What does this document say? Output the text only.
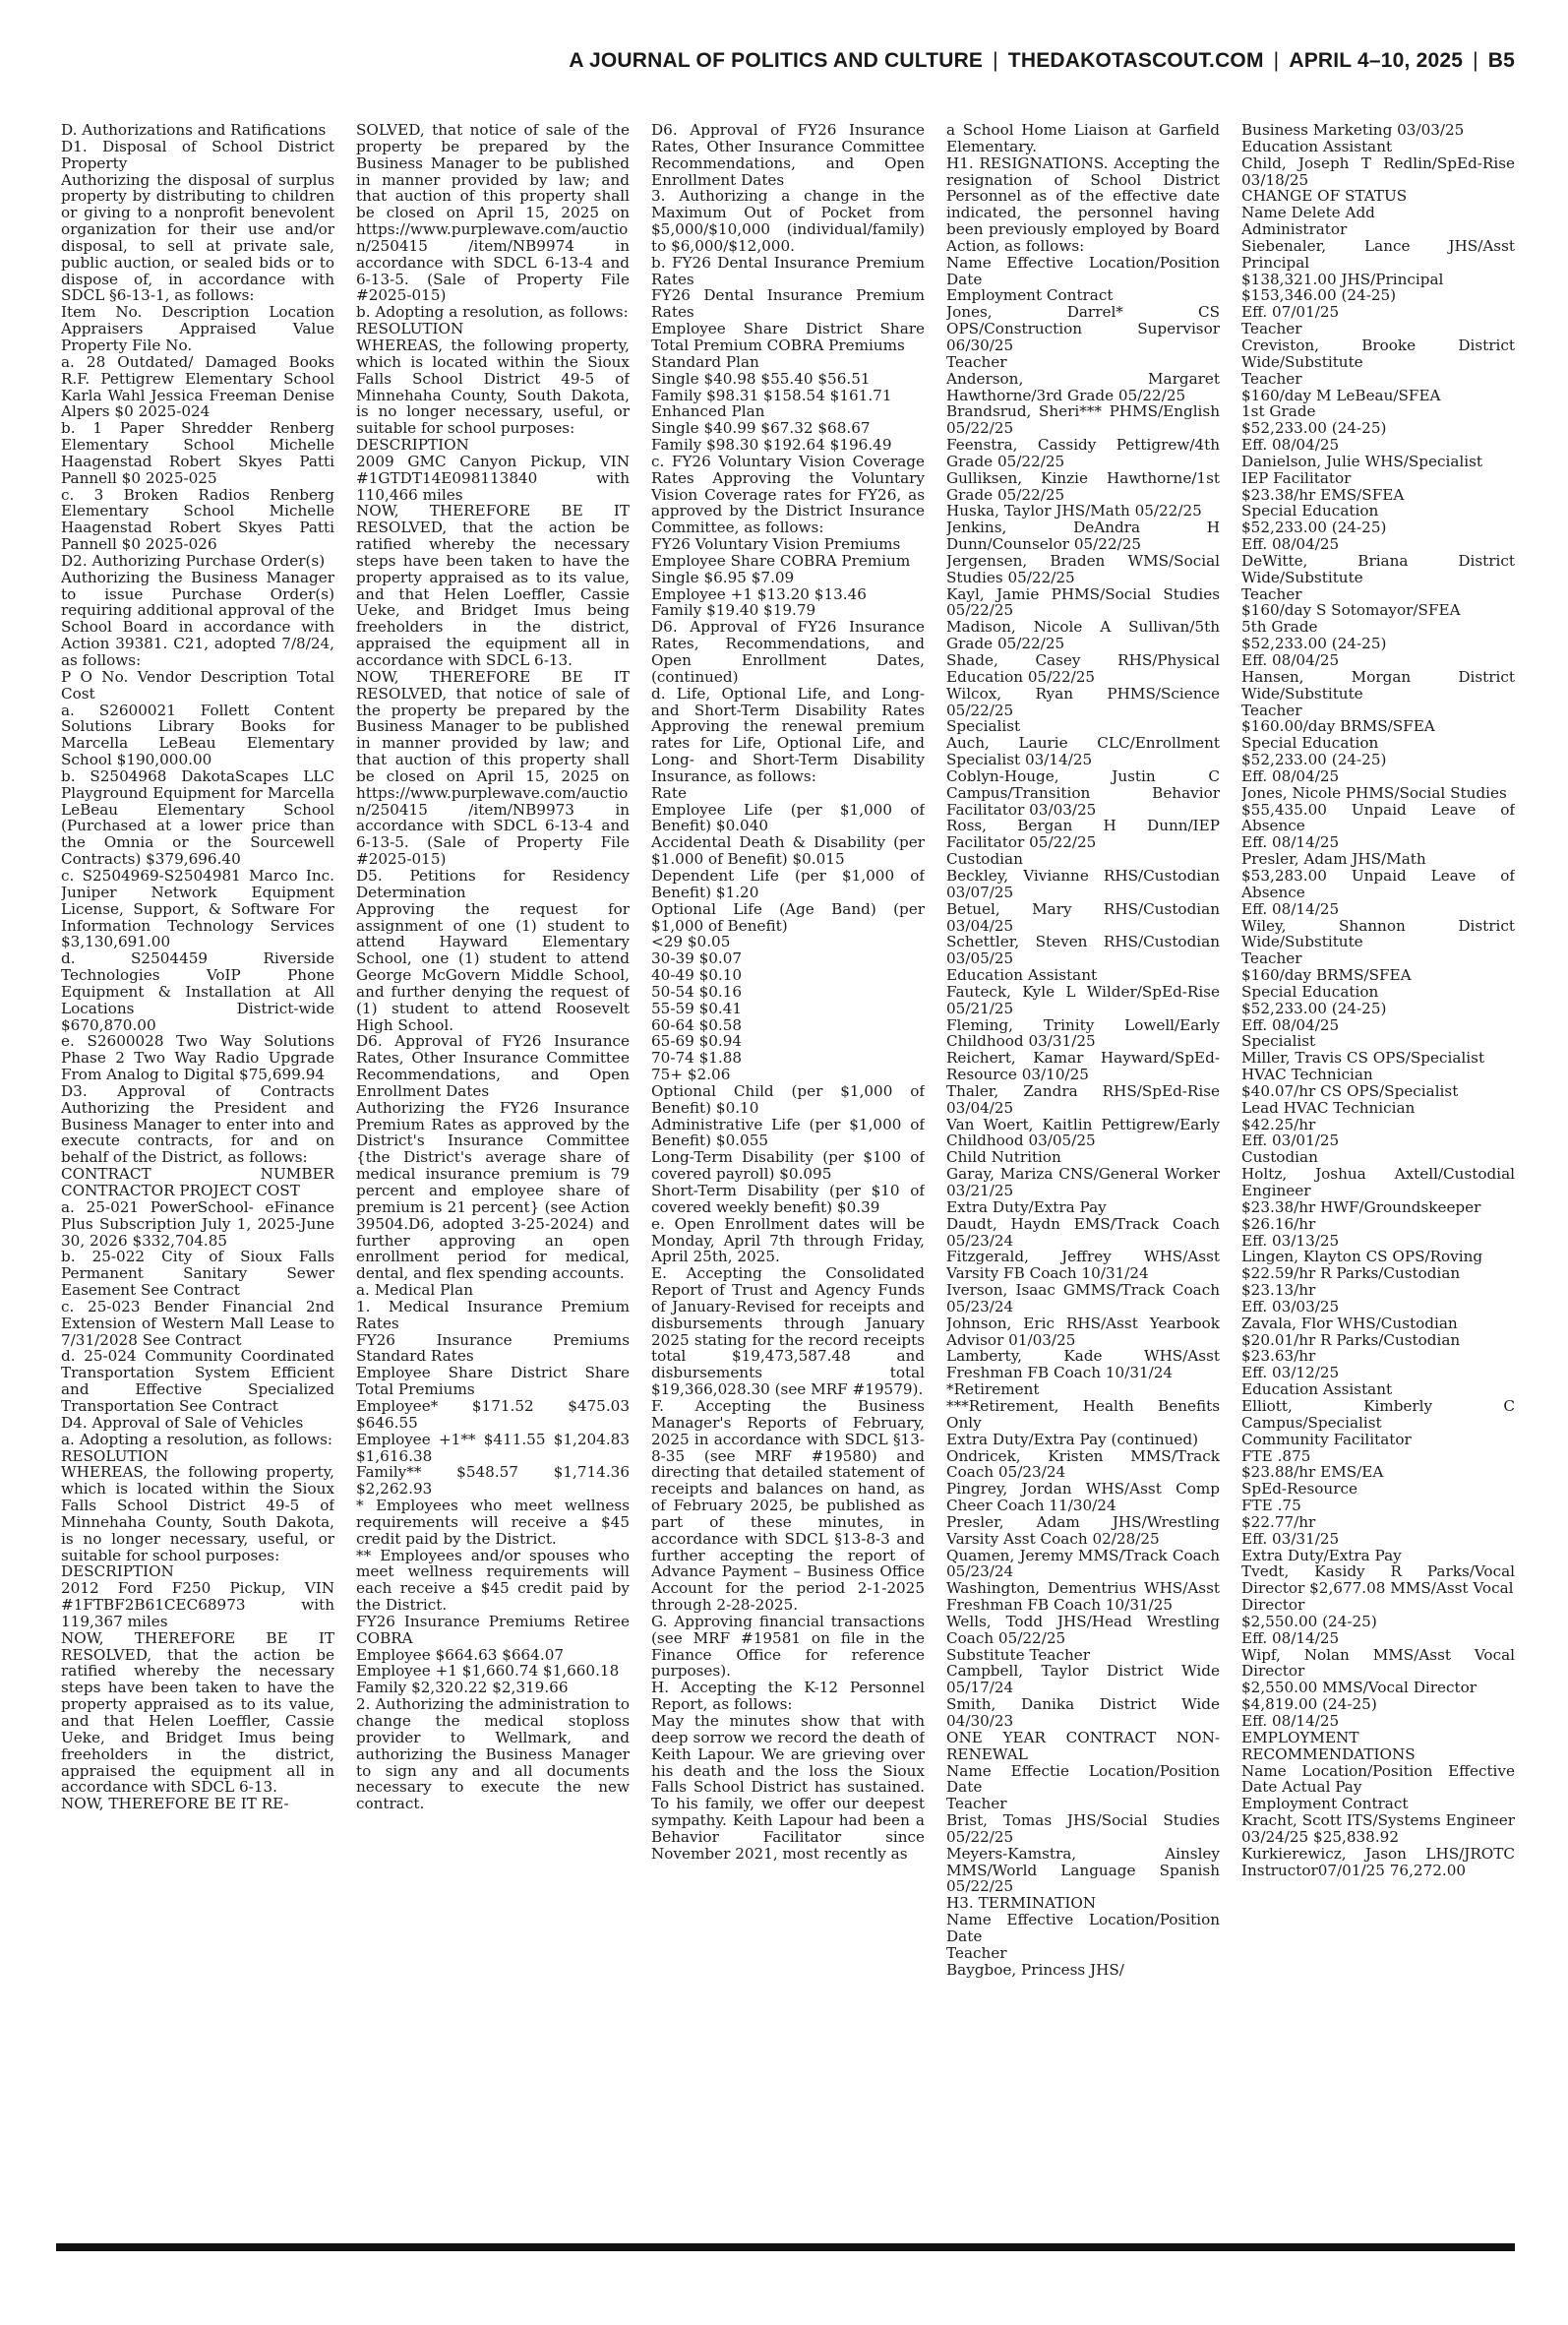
A JOURNAL OF POLITICS AND CULTURE | THEDAKOTASCOUT.COM | APRIL 4–10, 2025 | B5
D. Authorizations and Ratifications
D1. Disposal of School District Property
Authorizing the disposal of surplus property by distributing to children or giving to a nonprofit benevolent organization for their use and/or disposal, to sell at private sale, public auction, or sealed bids or to dispose of, in accordance with SDCL §6-13-1, as follows:
Item No. Description Location Appraisers Appraised Value Property File No.
a. 28 Outdated/ Damaged Books R.F. Pettigrew Elementary School Karla Wahl Jessica Freeman Denise Alpers $0 2025-024
b. 1 Paper Shredder Renberg Elementary School Michelle Haagenstad Robert Skyes Patti Pannell $0 2025-025
c. 3 Broken Radios Renberg Elementary School Michelle Haagenstad Robert Skyes Patti Pannell $0 2025-026
D2. Authorizing Purchase Order(s)
Authorizing the Business Manager to issue Purchase Order(s) requiring additional approval of the School Board in accordance with Action 39381. C21, adopted 7/8/24, as follows:
P O No. Vendor Description Total Cost
a. S2600021 Follett Content Solutions Library Books for Marcella LeBeau Elementary School $190,000.00
b. S2504968 DakotaScapes LLC Playground Equipment for Marcella LeBeau Elementary School (Purchased at a lower price than the Omnia or the Sourcewell Contracts) $379,696.40
c. S2504969-S2504981 Marco Inc. Juniper Network Equipment License, Support, & Software For Information Technology Services $3,130,691.00
d. S2504459 Riverside Technologies VoIP Phone Equipment & Installation at All Locations District-wide $670,870.00
e. S2600028 Two Way Solutions Phase 2 Two Way Radio Upgrade From Analog to Digital $75,699.94
D3. Approval of Contracts Authorizing the President and Business Manager to enter into and execute contracts, for and on behalf of the District, as follows:
CONTRACT NUMBER CONTRACTOR PROJECT COST
a. 25-021 PowerSchool- eFinance Plus Subscription July 1, 2025-June 30, 2026 $332,704.85
b. 25-022 City of Sioux Falls Permanent Sanitary Sewer Easement See Contract
c. 25-023 Bender Financial 2nd Extension of Western Mall Lease to 7/31/2028 See Contract
d. 25-024 Community Coordinated Transportation System Efficient and Effective Specialized Transportation See Contract
D4. Approval of Sale of Vehicles
a. Adopting a resolution, as follows:
RESOLUTION
WHEREAS, the following property, which is located within the Sioux Falls School District 49-5 of Minnehaha County, South Dakota, is no longer necessary, useful, or suitable for school purposes:
DESCRIPTION
2012 Ford F250 Pickup, VIN #1FTBF2B61CEC68973 with 119,367 miles
NOW, THEREFORE BE IT RESOLVED, that the action be ratified whereby the necessary steps have been taken to have the property appraised as to its value, and that Helen Loeffler, Cassie Ueke, and Bridget Imus being freeholders in the district, appraised the equipment all in accordance with SDCL 6-13.
NOW, THEREFORE BE IT RE-
SOLVED, that notice of sale of the property be prepared by the Business Manager to be published in manner provided by law; and that auction of this property shall be closed on April 15, 2025 on https://www.purplewave.com/auction/250415 /item/NB9974 in accordance with SDCL 6-13-4 and 6-13-5. (Sale of Property File #2025-015)
b. Adopting a resolution, as follows:
RESOLUTION
WHEREAS, the following property, which is located within the Sioux Falls School District 49-5 of Minnehaha County, South Dakota, is no longer necessary, useful, or suitable for school purposes:
DESCRIPTION
2009 GMC Canyon Pickup, VIN #1GTDT14E098113840 with 110,466 miles
NOW, THEREFORE BE IT RESOLVED, that the action be ratified whereby the necessary steps have been taken to have the property appraised as to its value, and that Helen Loeffler, Cassie Ueke, and Bridget Imus being freeholders in the district, appraised the equipment all in accordance with SDCL 6-13.
NOW, THEREFORE BE IT RESOLVED, that notice of sale of the property be prepared by the Business Manager to be published in manner provided by law; and that auction of this property shall be closed on April 15, 2025 on https://www.purplewave.com/auction/250415 /item/NB9973 in accordance with SDCL 6-13-4 and 6-13-5. (Sale of Property File #2025-015)
D5. Petitions for Residency Determination
Approving the request for assignment of one (1) student to attend Hayward Elementary School, one (1) student to attend George McGovern Middle School, and further denying the request of (1) student to attend Roosevelt High School.
D6. Approval of FY26 Insurance Rates, Other Insurance Committee Recommendations, and Open Enrollment Dates
Authorizing the FY26 Insurance Premium Rates as approved by the District's Insurance Committee {the District's average share of medical insurance premium is 79 percent and employee share of premium is 21 percent} (see Action 39504.D6, adopted 3-25-2024) and further approving an open enrollment period for medical, dental, and flex spending accounts.
a. Medical Plan
1. Medical Insurance Premium Rates
FY26 Insurance Premiums Standard Rates
Employee Share District Share Total Premiums
Employee* $171.52 $475.03 $646.55
Employee +1** $411.55 $1,204.83 $1,616.38
Family** $548.57 $1,714.36 $2,262.93
* Employees who meet wellness requirements will receive a $45 credit paid by the District.
** Employees and/or spouses who meet wellness requirements will each receive a $45 credit paid by the District.
FY26 Insurance Premiums Retiree COBRA
Employee $664.63 $664.07
Employee +1 $1,660.74 $1,660.18
Family $2,320.22 $2,319.66
2. Authorizing the administration to change the medical stoploss provider to Wellmark, and authorizing the Business Manager to sign any and all documents necessary to execute the new contract.
D6. Approval of FY26 Insurance Rates, Other Insurance Committee Recommendations, and Open Enrollment Dates
3. Authorizing a change in the Maximum Out of Pocket from $5,000/$10,000 (individual/family) to $6,000/$12,000.
b. FY26 Dental Insurance Premium Rates
FY26 Dental Insurance Premium Rates
Employee Share District Share Total Premium COBRA Premiums
Standard Plan
Single $40.98 $55.40 $56.51
Family $98.31 $158.54 $161.71
Enhanced Plan
Single $40.99 $67.32 $68.67
Family $98.30 $192.64 $196.49
c. FY26 Voluntary Vision Coverage Rates Approving the Voluntary Vision Coverage rates for FY26, as approved by the District Insurance Committee, as follows:
FY26 Voluntary Vision Premiums
Employee Share COBRA Premium
Single $6.95 $7.09
Employee +1 $13.20 $13.46
Family $19.40 $19.79
D6. Approval of FY26 Insurance Rates, Recommendations, and Open Enrollment Dates, (continued)
d. Life, Optional Life, and Long- and Short-Term Disability Rates Approving the renewal premium rates for Life, Optional Life, and Long- and Short-Term Disability Insurance, as follows:
Rate
Employee Life (per $1,000 of Benefit) $0.040
Accidental Death & Disability (per $1.000 of Benefit) $0.015
Dependent Life (per $1,000 of Benefit) $1.20
Optional Life (Age Band) (per $1,000 of Benefit)
<29 $0.05
30-39 $0.07
40-49 $0.10
50-54 $0.16
55-59 $0.41
60-64 $0.58
65-69 $0.94
70-74 $1.88
75+ $2.06
Optional Child (per $1,000 of Benefit) $0.10
Administrative Life (per $1,000 of Benefit) $0.055
Long-Term Disability (per $100 of covered payroll) $0.095
Short-Term Disability (per $10 of covered weekly benefit) $0.39
e. Open Enrollment dates will be Monday, April 7th through Friday, April 25th, 2025.
E. Accepting the Consolidated Report of Trust and Agency Funds of January-Revised for receipts and disbursements through January 2025 stating for the record receipts total $19,473,587.48 and disbursements total $19,366,028.30 (see MRF #19579).
F. Accepting the Business Manager's Reports of February, 2025 in accordance with SDCL §13-8-35 (see MRF #19580) and directing that detailed statement of receipts and balances on hand, as of February 2025, be published as part of these minutes, in accordance with SDCL §13-8-3 and further accepting the report of Advance Payment – Business Office Account for the period 2-1-2025 through 2-28-2025.
G. Approving financial transactions (see MRF #19581 on file in the Finance Office for reference purposes).
H. Accepting the K-12 Personnel Report, as follows:
May the minutes show that with deep sorrow we record the death of Keith Lapour. We are grieving over his death and the loss the Sioux Falls School District has sustained. To his family, we offer our deepest sympathy. Keith Lapour had been a Behavior Facilitator since November 2021, most recently as
a School Home Liaison at Garfield Elementary.
H1. RESIGNATIONS. Accepting the resignation of School District Personnel as of the effective date indicated, the personnel having been previously employed by Board Action, as follows:
Name Effective Location/Position Date
Employment Contract
Jones, Darrel* CS OPS/Construction Supervisor 06/30/25
Teacher
Anderson, Margaret Hawthorne/3rd Grade 05/22/25
Brandsrud, Sheri*** PHMS/English 05/22/25
Feenstra, Cassidy Pettigrew/4th Grade 05/22/25
Gulliksen, Kinzie Hawthorne/1st Grade 05/22/25
Huska, Taylor JHS/Math 05/22/25
Jenkins, DeAndra H Dunn/Counselor 05/22/25
Jergensen, Braden WMS/Social Studies 05/22/25
Kayl, Jamie PHMS/Social Studies 05/22/25
Madison, Nicole A Sullivan/5th Grade 05/22/25
Shade, Casey RHS/Physical Education 05/22/25
Wilcox, Ryan PHMS/Science 05/22/25
Specialist
Auch, Laurie CLC/Enrollment Specialist 03/14/25
Coblyn-Houge, Justin C Campus/Transition Behavior Facilitator 03/03/25
Ross, Bergan H Dunn/IEP Facilitator 05/22/25
Custodian
Beckley, Vivianne RHS/Custodian 03/07/25
Betuel, Mary RHS/Custodian 03/04/25
Schettler, Steven RHS/Custodian 03/05/25
Education Assistant
Fauteck, Kyle L Wilder/SpEd-Rise 05/21/25
Fleming, Trinity Lowell/Early Childhood 03/31/25
Reichert, Kamar Hayward/SpEd-Resource 03/10/25
Thaler, Zandra RHS/SpEd-Rise 03/04/25
Van Woert, Kaitlin Pettigrew/Early Childhood 03/05/25
Child Nutrition
Garay, Mariza CNS/General Worker 03/21/25
Extra Duty/Extra Pay
Daudt, Haydn EMS/Track Coach 05/23/24
Fitzgerald, Jeffrey WHS/Asst Varsity FB Coach 10/31/24
Iverson, Isaac GMMS/Track Coach 05/23/24
Johnson, Eric RHS/Asst Yearbook Advisor 01/03/25
Lamberty, Kade WHS/Asst Freshman FB Coach 10/31/24
*Retirement
***Retirement, Health Benefits Only
Extra Duty/Extra Pay (continued)
Ondricek, Kristen MMS/Track Coach 05/23/24
Pingrey, Jordan WHS/Asst Comp Cheer Coach 11/30/24
Presler, Adam JHS/Wrestling Varsity Asst Coach 02/28/25
Quamen, Jeremy MMS/Track Coach 05/23/24
Washington, Dementrius WHS/Asst Freshman FB Coach 10/31/25
Wells, Todd JHS/Head Wrestling Coach 05/22/25
Substitute Teacher
Campbell, Taylor District Wide 05/17/24
Smith, Danika District Wide 04/30/23
ONE YEAR CONTRACT NON-RENEWAL
Name Effectie Location/Position Date
Teacher
Brist, Tomas JHS/Social Studies 05/22/25
Meyers-Kamstra, Ainsley MMS/World Language Spanish 05/22/25
H3. TERMINATION
Name Effective Location/Position Date
Teacher
Baygboe, Princess JHS/
Business Marketing 03/03/25
Education Assistant
Child, Joseph T Redlin/SpEd-Rise 03/18/25
CHANGE OF STATUS
Name Delete Add
Administrator
Siebenaler, Lance JHS/Asst Principal
$138,321.00 JHS/Principal
$153,346.00 (24-25)
Eff. 07/01/25
Teacher
Creviston, Brooke District Wide/Substitute
Teacher
$160/day M LeBeau/SFEA
1st Grade
$52,233.00 (24-25)
Eff. 08/04/25
Danielson, Julie WHS/Specialist
IEP Facilitator
$23.38/hr EMS/SFEA
Special Education
$52,233.00 (24-25)
Eff. 08/04/25
DeWitte, Briana District Wide/Substitute
Teacher
$160/day S Sotomayor/SFEA
5th Grade
$52,233.00 (24-25)
Eff. 08/04/25
Hansen, Morgan District Wide/Substitute
Teacher
$160.00/day BRMS/SFEA
Special Education
$52,233.00 (24-25)
Eff. 08/04/25
Jones, Nicole PHMS/Social Studies
$55,435.00 Unpaid Leave of Absence
Eff. 08/14/25
Presler, Adam JHS/Math
$53,283.00 Unpaid Leave of Absence
Eff. 08/14/25
Wiley, Shannon District Wide/Substitute
Teacher
$160/day BRMS/SFEA
Special Education
$52,233.00 (24-25)
Eff. 08/04/25
Specialist
Miller, Travis CS OPS/Specialist
HVAC Technician
$40.07/hr CS OPS/Specialist
Lead HVAC Technician
$42.25/hr
Eff. 03/01/25
Custodian
Holtz, Joshua Axtell/Custodial Engineer
$23.38/hr HWF/Groundskeeper
$26.16/hr
Eff. 03/13/25
Lingen, Klayton CS OPS/Roving
$22.59/hr R Parks/Custodian
$23.13/hr
Eff. 03/03/25
Zavala, Flor WHS/Custodian
$20.01/hr R Parks/Custodian
$23.63/hr
Eff. 03/12/25
Education Assistant
Elliott, Kimberly C Campus/Specialist
Community Facilitator
FTE .875
$23.88/hr EMS/EA
SpEd-Resource
FTE .75
$22.77/hr
Eff. 03/31/25
Extra Duty/Extra Pay
Tvedt, Kasidy R Parks/Vocal Director $2,677.08 MMS/Asst Vocal
Director
$2,550.00 (24-25)
Eff. 08/14/25
Wipf, Nolan MMS/Asst Vocal Director
$2,550.00 MMS/Vocal Director
$4,819.00 (24-25)
Eff. 08/14/25
EMPLOYMENT RECOMMENDATIONS
Name Location/Position Effective Date Actual Pay
Employment Contract
Kracht, Scott ITS/Systems Engineer 03/24/25 $25,838.92
Kurkierewicz, Jason LHS/JROTC Instructor07/01/25 76,272.00
